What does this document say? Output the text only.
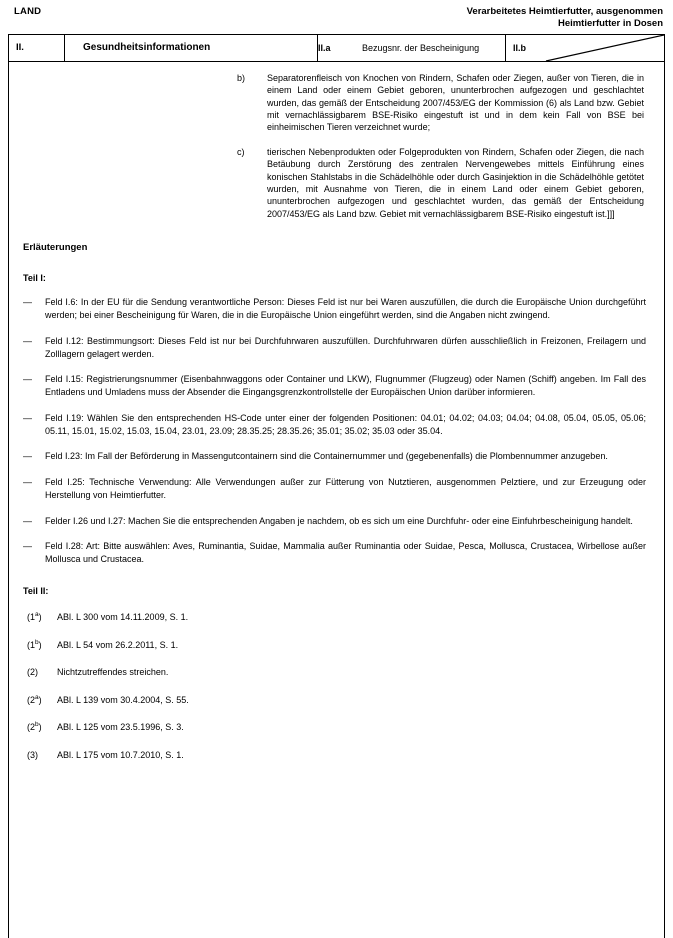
LAND	Verarbeitetes Heimtierfutter, ausgenommen
Heimtierfutter in Dosen
II.	Gesundheitsinformationen	II.a	Bezugsnr. der Bescheinigung	II.b
b)	Separatorenfleisch von Knochen von Rindern, Schafen oder Ziegen, außer von Tieren, die in einem Land oder einem Gebiet geboren, ununterbrochen aufgezogen und geschlachtet wurden, das gemäß der Entscheidung 2007/453/EG der Kommission (6) als Land bzw. Gebiet mit vernachlässigbarem BSE-Risiko eingestuft ist und in dem kein Fall von BSE bei einheimischen Tieren verzeichnet wurde;
c)	tierischen Nebenprodukten oder Folgeprodukten von Rindern, Schafen oder Ziegen, die nach Betäubung durch Zerstörung des zentralen Nervengewebes mittels Einführung eines konischen Stahlstabs in die Schädelhöhle oder durch Gasinjektion in die Schädelhöhle getötet wurden, mit Ausnahme von Tieren, die in einem Land oder einem Gebiet geboren, ununterbrochen aufgezogen und geschlachtet wurden, das gemäß der Entscheidung 2007/453/EG als Land bzw. Gebiet mit vernachlässigbarem BSE-Risiko eingestuft ist.]]]
Erläuterungen
Teil I:
—	Feld I.6: In der EU für die Sendung verantwortliche Person: Dieses Feld ist nur bei Waren auszufüllen, die durch die Europäische Union durchgeführt werden; bei einer Bescheinigung für Waren, die in die Europäische Union eingeführt werden, sind die Angaben nicht zwingend.
—	Feld I.12: Bestimmungsort: Dieses Feld ist nur bei Durchfuhrwaren auszufüllen. Durchfuhrwaren dürfen ausschließlich in Freizonen, Freilagern und Zolllagern gelagert werden.
—	Feld I.15: Registrierungsnummer (Eisenbahnwaggons oder Container und LKW), Flugnummer (Flugzeug) oder Namen (Schiff) angeben. Im Fall des Entladens und Umladens muss der Absender die Eingangsgrenzkontrollstelle der Europäischen Union darüber informieren.
—	Feld I.19: Wählen Sie den entsprechenden HS-Code unter einer der folgenden Positionen: 04.01; 04.02; 04.03; 04.04; 04.08, 05.04, 05.05, 05.06; 05.11, 15.01, 15.02, 15.03, 15.04, 23.01, 23.09; 28.35.25; 28.35.26; 35.01; 35.02; 35.03 oder 35.04.
—	Feld I.23: Im Fall der Beförderung in Massengutcontainern sind die Containernummer und (gegebenenfalls) die Plombennummer anzugeben.
—	Feld I.25: Technische Verwendung: Alle Verwendungen außer zur Fütterung von Nutztieren, ausgenommen Pelztiere, und zur Erzeugung oder Herstellung von Heimtierfutter.
—	Felder I.26 und I.27: Machen Sie die entsprechenden Angaben je nachdem, ob es sich um eine Durchfuhr- oder eine Einfuhrbescheinigung handelt.
—	Feld I.28: Art: Bitte auswählen: Aves, Ruminantia, Suidae, Mammalia außer Ruminantia oder Suidae, Pesca, Mollusca, Crustacea, Wirbellose außer Mollusca und Crustacea.
Teil II:
(1$^a$)	ABl. L 300 vom 14.11.2009, S. 1.
(1$^b$)	ABl. L 54 vom 26.2.2011, S. 1.
(2)	Nichtzutreffendes streichen.
(2$^a$)	ABl. L 139 vom 30.4.2004, S. 55.
(2$^b$)	ABl. L 125 vom 23.5.1996, S. 3.
(3)	ABl. L 175 vom 10.7.2010, S. 1.
